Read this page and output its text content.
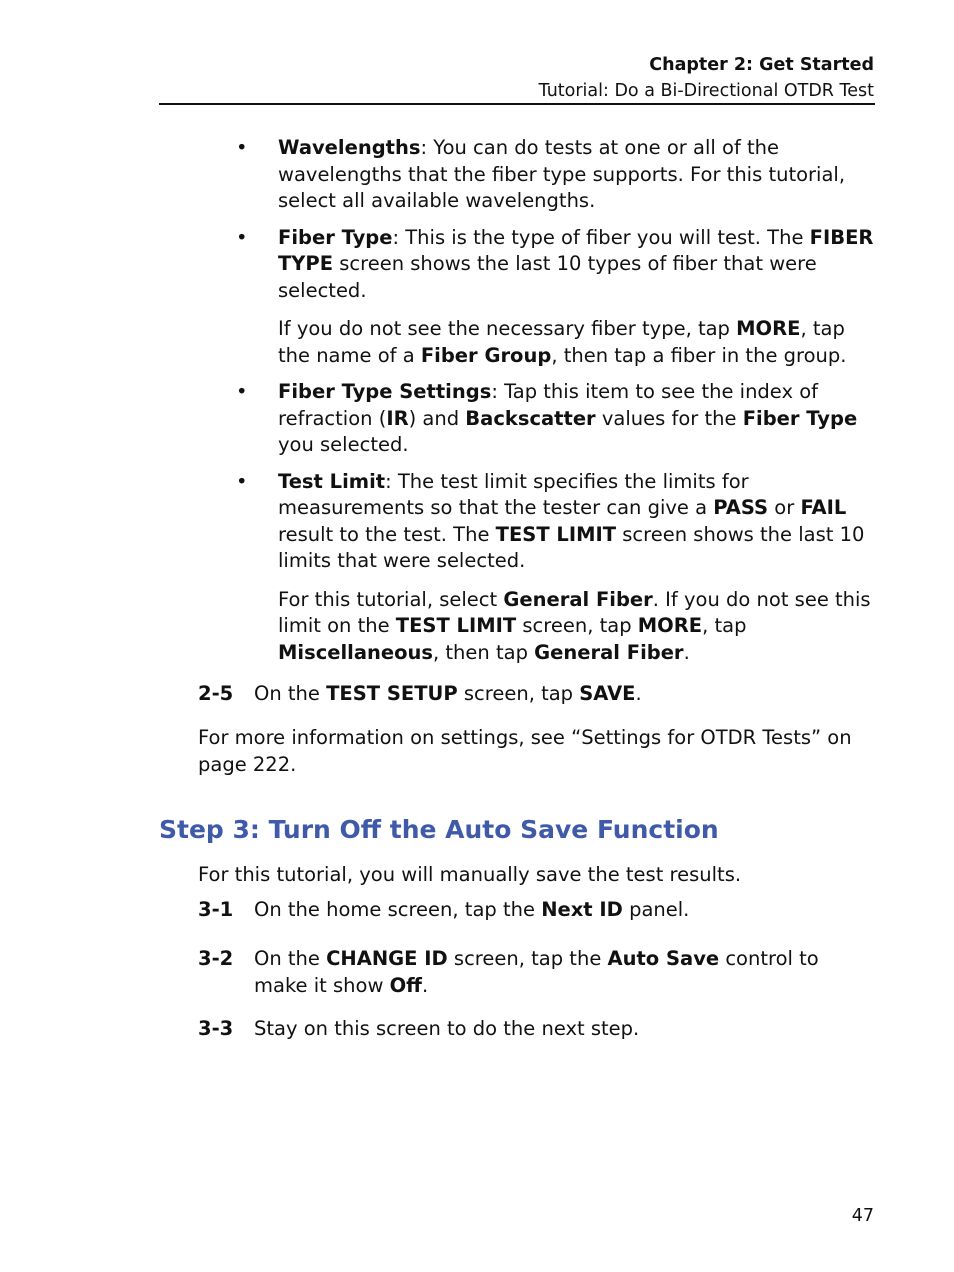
Chapter 2: Get Started
Tutorial: Do a Bi-Directional OTDR Test
• Wavelengths: You can do tests at one or all of the wavelengths that the fiber type supports. For this tutorial, select all available wavelengths.
• Fiber Type: This is the type of fiber you will test. The FIBER TYPE screen shows the last 10 types of fiber that were selected.
If you do not see the necessary fiber type, tap MORE, tap the name of a Fiber Group, then tap a fiber in the group.
• Fiber Type Settings: Tap this item to see the index of refraction (IR) and Backscatter values for the Fiber Type you selected.
• Test Limit: The test limit specifies the limits for measurements so that the tester can give a PASS or FAIL result to the test. The TEST LIMIT screen shows the last 10 limits that were selected.
For this tutorial, select General Fiber. If you do not see this limit on the TEST LIMIT screen, tap MORE, tap Miscellaneous, then tap General Fiber.
2-5 On the TEST SETUP screen, tap SAVE.
For more information on settings, see “Settings for OTDR Tests” on page 222.
Step 3: Turn Off the Auto Save Function
For this tutorial, you will manually save the test results.
3-1 On the home screen, tap the Next ID panel.
3-2 On the CHANGE ID screen, tap the Auto Save control to make it show Off.
3-3 Stay on this screen to do the next step.
47
